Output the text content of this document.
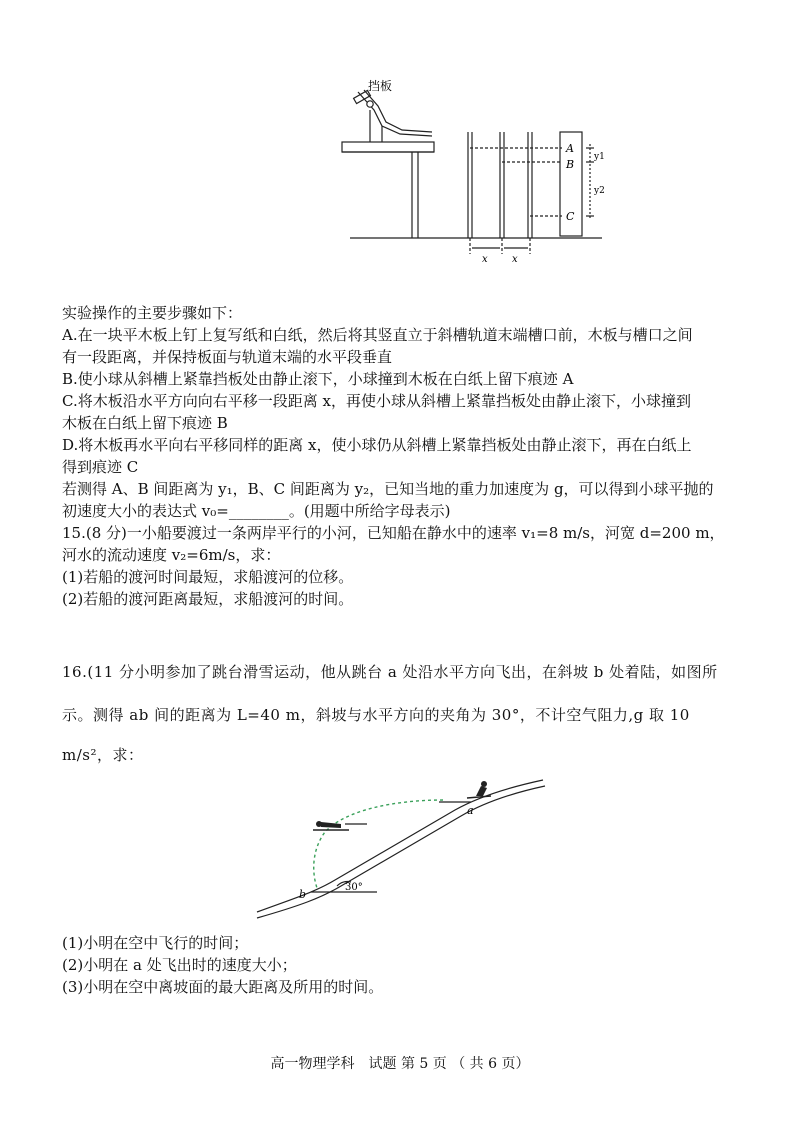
挡板
A
B
C
y1
y2
x x
实验操作的主要步骤如下：
A.在一块平木板上钉上复写纸和白纸，然后将其竖直立于斜槽轨道末端槽口前，木板与槽口之间
有一段距离，并保持板面与轨道末端的水平段垂直
B.使小球从斜槽上紧靠挡板处由静止滚下，小球撞到木板在白纸上留下痕迹 A
C.将木板沿水平方向向右平移一段距离 x，再使小球从斜槽上紧靠挡板处由静止滚下，小球撞到
木板在白纸上留下痕迹 B
D.将木板再水平向右平移同样的距离 x，使小球仍从斜槽上紧靠挡板处由静止滚下，再在白纸上
得到痕迹 C
若测得 A、B 间距离为 y₁，B、C 间距离为 y₂，已知当地的重力加速度为 g，可以得到小球平抛的
初速度大小的表达式 v₀=________。(用题中所给字母表示)
15.(8 分)一小船要渡过一条两岸平行的小河，已知船在静水中的速率 v₁=8 m/s，河宽 d=200 m，
河水的流动速度 v₂=6m/s，求：
(1)若船的渡河时间最短，求船渡河的位移。
(2)若船的渡河距离最短，求船渡河的时间。
16.(11 分小明参加了跳台滑雪运动，他从跳台 a 处沿水平方向飞出，在斜坡 b 处着陆，如图所
示。测得 ab 间的距离为 L=40 m，斜坡与水平方向的夹角为 30°，不计空气阻力,g 取 10
m/s²，求：
a
b
30°
(1)小明在空中飞行的时间；
(2)小明在 a 处飞出时的速度大小；
(3)小明在空中离坡面的最大距离及所用的时间。
高一物理学科　试题 第 5 页 （ 共 6 页）
